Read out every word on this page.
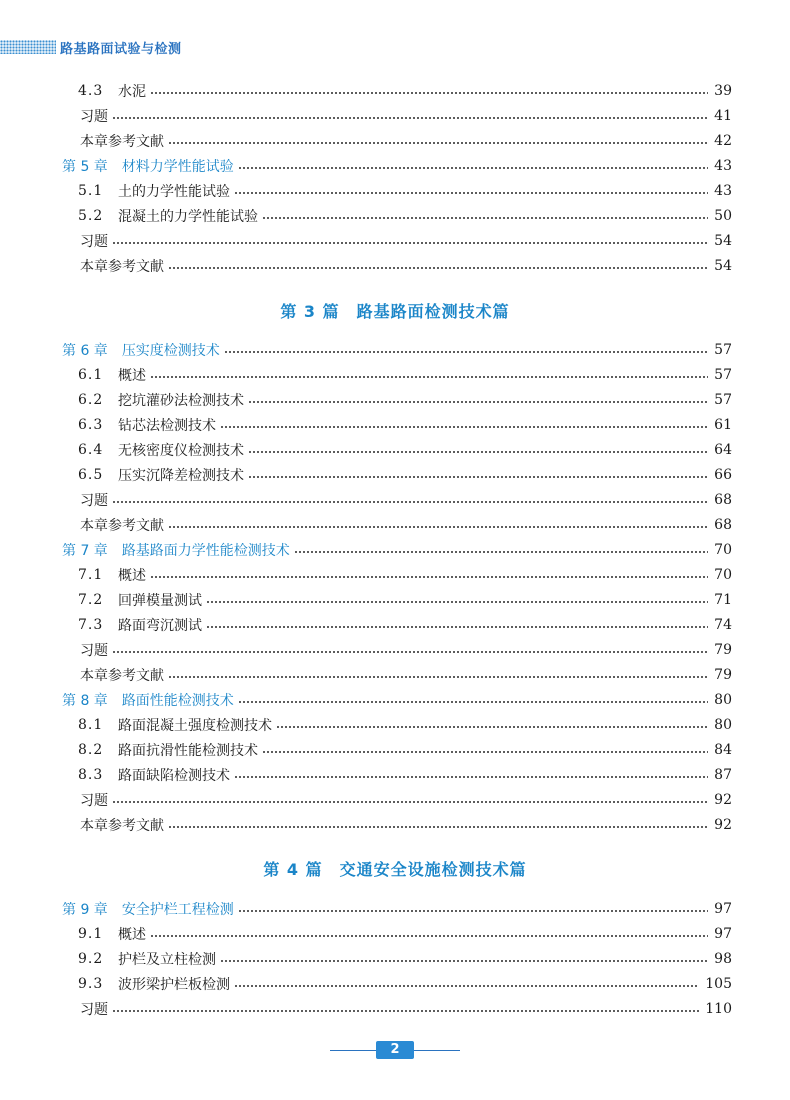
路基路面试验与检测
4.3	水泥	39
习题	41
本章参考文献	42
第 5 章 材料力学性能试验	43
5.1	土的力学性能试验	43
5.2	混凝土的力学性能试验	50
习题	54
本章参考文献	54
第 3 篇　路基路面检测技术篇
第 6 章 压实度检测技术	57
6.1	概述	57
6.2	挖坑灌砂法检测技术	57
6.3	钻芯法检测技术	61
6.4	无核密度仪检测技术	64
6.5	压实沉降差检测技术	66
习题	68
本章参考文献	68
第 7 章 路基路面力学性能检测技术	70
7.1	概述	70
7.2	回弹模量测试	71
7.3	路面弯沉测试	74
习题	79
本章参考文献	79
第 8 章 路面性能检测技术	80
8.1	路面混凝土强度检测技术	80
8.2	路面抗滑性能检测技术	84
8.3	路面缺陷检测技术	87
习题	92
本章参考文献	92
第 4 篇　交通安全设施检测技术篇
第 9 章 安全护栏工程检测	97
9.1	概述	97
9.2	护栏及立柱检测	98
9.3	波形梁护栏板检测	105
习题	110
2
